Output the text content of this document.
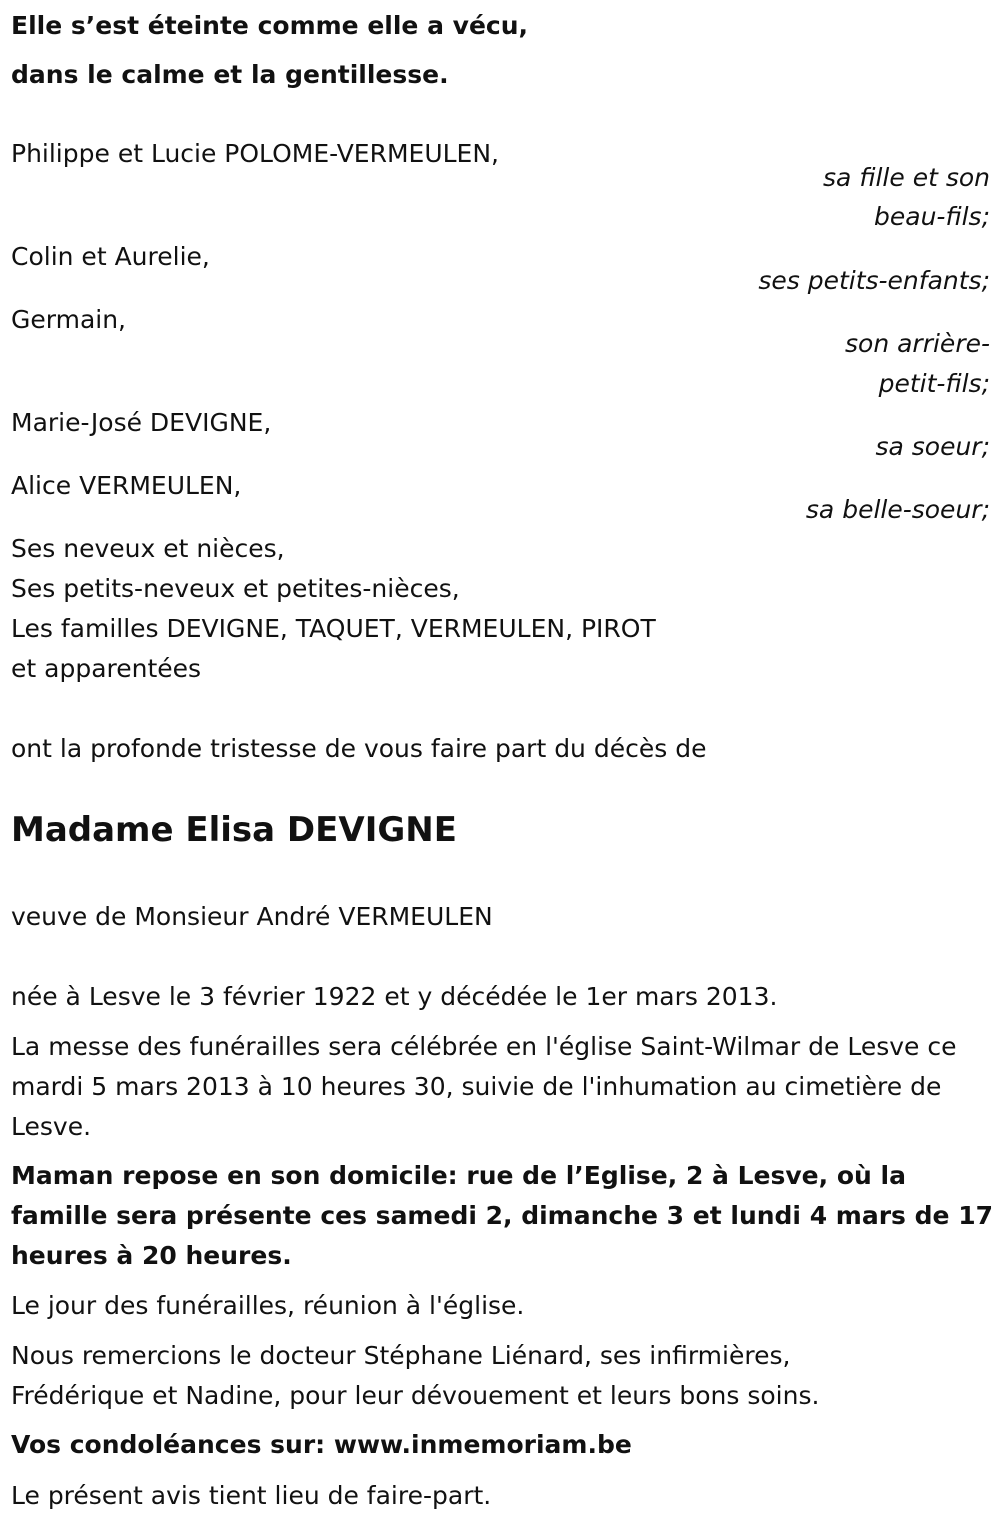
Elle s’est éteinte comme elle a vécu,

dans le calme et la gentillesse.

Philippe et Lucie POLOME-VERMEULEN,

sa fille et son

beau-fils;

Colin et Aurelie,

ses petits-enfants;

Germain,

son arrière-

petit-fils;

Marie-José DEVIGNE,

sa soeur;

Alice VERMEULEN,

sa belle-soeur;

Ses neveux et nièces,

Ses petits-neveux et petites-nièces,

Les familles DEVIGNE, TAQUET, VERMEULEN, PIROT

et apparentées

ont la profonde tristesse de vous faire part du décès de

Madame Elisa DEVIGNE

veuve de Monsieur André VERMEULEN

née à Lesve le 3 février 1922 et y décédée le 1er mars 2013.

La messe des funérailles sera célébrée en l'église Saint-Wilmar de Lesve ce mardi 5 mars 2013 à 10 heures 30, suivie de l'inhumation au cimetière de Lesve.

Maman repose en son domicile: rue de l’Eglise, 2 à Lesve, où la famille sera présente ces samedi 2, dimanche 3 et lundi 4 mars de 17 heures à 20 heures.

Le jour des funérailles, réunion à l'église.

Nous remercions le docteur Stéphane Liénard, ses infirmières,

Frédérique et Nadine, pour leur dévouement et leurs bons soins.

Vos condoléances sur: www.inmemoriam.be

Le présent avis tient lieu de faire-part.
